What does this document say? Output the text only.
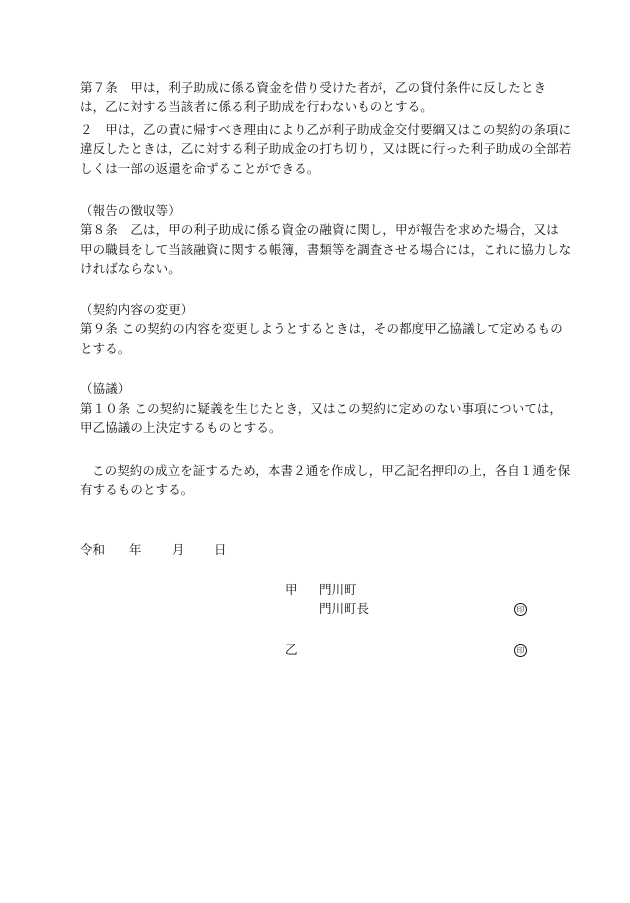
第７条　甲は，利子助成に係る資金を借り受けた者が，乙の貸付条件に反したとき
は，乙に対する当該者に係る利子助成を行わないものとする。
２　甲は，乙の責に帰すべき理由により乙が利子助成金交付要綱又はこの契約の条項に
違反したときは，乙に対する利子助成金の打ち切り，又は既に行った利子助成の全部若
しくは一部の返還を命ずることができる。
（報告の徴収等）
第８条　乙は，甲の利子助成に係る資金の融資に関し，甲が報告を求めた場合，又は
甲の職員をして当該融資に関する帳簿，書類等を調査させる場合には，これに協力しな
ければならない。
（契約内容の変更）
第９条 この契約の内容を変更しようとするときは，その都度甲乙協議して定めるもの
とする。
（協議）
第１０条 この契約に疑義を生じたとき，又はこの契約に定めのない事項については，
甲乙協議の上決定するものとする。
この契約の成立を証するため，本書２通を作成し，甲乙記名押印の上，各自１通を保
有するものとする。
令和 年 月 日
甲 門川町
門川町長	印
乙	印
